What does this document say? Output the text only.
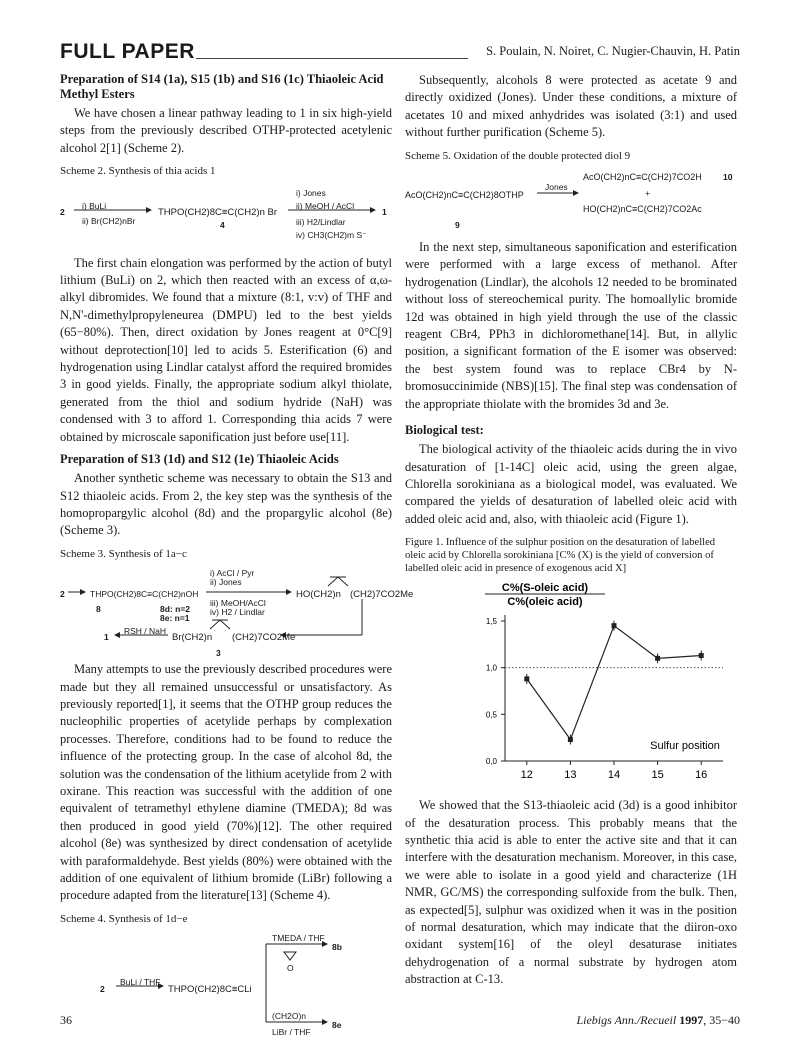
FULL PAPER	S. Poulain, N. Noiret, C. Nugier-Chauvin, H. Patin
Preparation of S14 (1a), S15 (1b) and S16 (1c) Thiaoleic Acid Methyl Esters

We have chosen a linear pathway leading to 1 in six high-yield steps from the previously described OTHP-protected acetylenic alcohol 2[1] (Scheme 2).

Scheme 2. Synthesis of thia acids 1
2
i) BuLi
ii) Br(CH2)nBr
THPO(CH2)8C≡C(CH2)n Br
4
i) Jones
ii) MeOH / AcCl
iii) H2/Lindlar
iv) CH3(CH2)m S⁻
1

The first chain elongation was performed by the action of butyl lithium (BuLi) on 2, which then reacted with an excess of α,ω-alkyl dibromides. We found that a mixture (8:1, v:v) of THF and N,N'-dimethylpropyleneurea (DMPU) led to the best yields (65−80%). Then, direct oxidation by Jones reagent at 0°C[9] without deprotection[10] led to acids 5. Esterification (6) and hydrogenation using Lindlar catalyst afford the required bromides 3 in good yields. Finally, the appropriate sodium alkyl thiolate, generated from the thiol and sodium hydride (NaH) was condensed with 3 to afford 1. Corresponding thia acids 7 were obtained by microscale saponification just before use[11].

Preparation of S13 (1d) and S12 (1e) Thiaoleic Acids

Another synthetic scheme was necessary to obtain the S13 and S12 thiaoleic acids. From 2, the key step was the synthesis of the homopropargylic alcohol (8d) and the propargylic alcohol (8e) (Scheme 3).

Scheme 3. Synthesis of 1a−c
2	THPO(CH2)8C≡C(CH2)nOH
8	8d: n=2
8e: n=1
i) AcCl / Pyr
ii) Jones
iii) MeOH/AcCl
iv) H2 / Lindlar
HO(CH2)n (CH2)7CO2Me
1
RSH / NaH
Br(CH2)n (CH2)7CO2Me
3

Many attempts to use the previously described procedures were made but they all remained unsuccessful or unsatisfactory. As previously reported[1], it seems that the OTHP group reduces the nucleophilic properties of acetylide perhaps by complexation processes. Therefore, conditions had to be found to reduce the influence of the protecting group. In the case of alcohol 8d, the solution was the condensation of the lithium acetylide from 2 with oxirane. This reaction was successful with the addition of one equivalent of tetramethyl ethylene diamine (TMEDA); 8d was then produced in good yield (70%)[12]. The other required alcohol (8e) was synthesized by direct condensation of acetylide with paraformaldehyde. Best yields (80%) were obtained with the addition of one equivalent of lithium bromide (LiBr) following a procedure adapted from the literature[13] (Scheme 4).

Scheme 4. Synthesis of 1d−e
2
BuLi / THF
THPO(CH2)8C≡CLi
TMEDA / THF
O
8b
(CH2O)n
LiBr / THF
8e

Subsequently, alcohols 8 were protected as acetate 9 and directly oxidized (Jones). Under these conditions, a mixture of acetates 10 and mixed anhydrides was isolated (3:1) and used without further purification (Scheme 5).

Scheme 5. Oxidation of the double protected diol 9
AcO(CH2)nC≡C(CH2)8OTHP
9
Jones
AcO(CH2)nC≡C(CH2)7CO2H 10
+
HO(CH2)nC≡C(CH2)7CO2Ac

In the next step, simultaneous saponification and esterification were performed with a large excess of methanol. After hydrogenation (Lindlar), the alcohols 12 needed to be brominated without loss of stereochemical purity. The homoallylic bromide 12d was obtained in high yield through the use of the classic reagent CBr4, PPh3 in dichloromethane[14]. But, in allylic position, a significant formation of the E isomer was observed: the best system found was to replace CBr4 by N-bromosuccinimide (NBS)[15]. The final step was condensation of the appropriate thiolate with the bromides 3d and 3e.

Biological test:

The biological activity of the thiaoleic acids during the in vivo desaturation of [1-14C] oleic acid, using the green algae, Chlorella sorokiniana as a biological model, was evaluated. We compared the yields of desaturation of labelled oleic acid with added oleic acid and, also, with thiaoleic acid (Figure 1).

Figure 1. Influence of the sulphur position on the desaturation of labelled oleic acid by Chlorella sorokiniana [C% (X) is the yield of conversion of labelled oleic acid in presence of exogenous acid X]
C%(S-oleic acid)
C%(oleic acid)
Sulfur position
0,0
0,5
1,0
1,5
12	13	14	15	16

We showed that the S13-thiaoleic acid (3d) is a good inhibitor of the desaturation process. This probably means that the synthetic thia acid is able to enter the active site and that it can interfere with the desaturation mechanism. Moreover, in this case, we were able to isolate in a good yield and characterize (1H NMR, GC/MS) the corresponding sulfoxide from the bulk. Then, as expected[5], sulphur was oxidized when it was in the position of normal desaturation, which may indicate that the diiron-oxo oxidant system[16] of the oleyl desaturase initiates dehydrogenation of a normal substrate by hydrogen atom abstraction at C-13.

36	Liebigs Ann./Recueil 1997, 35−40
